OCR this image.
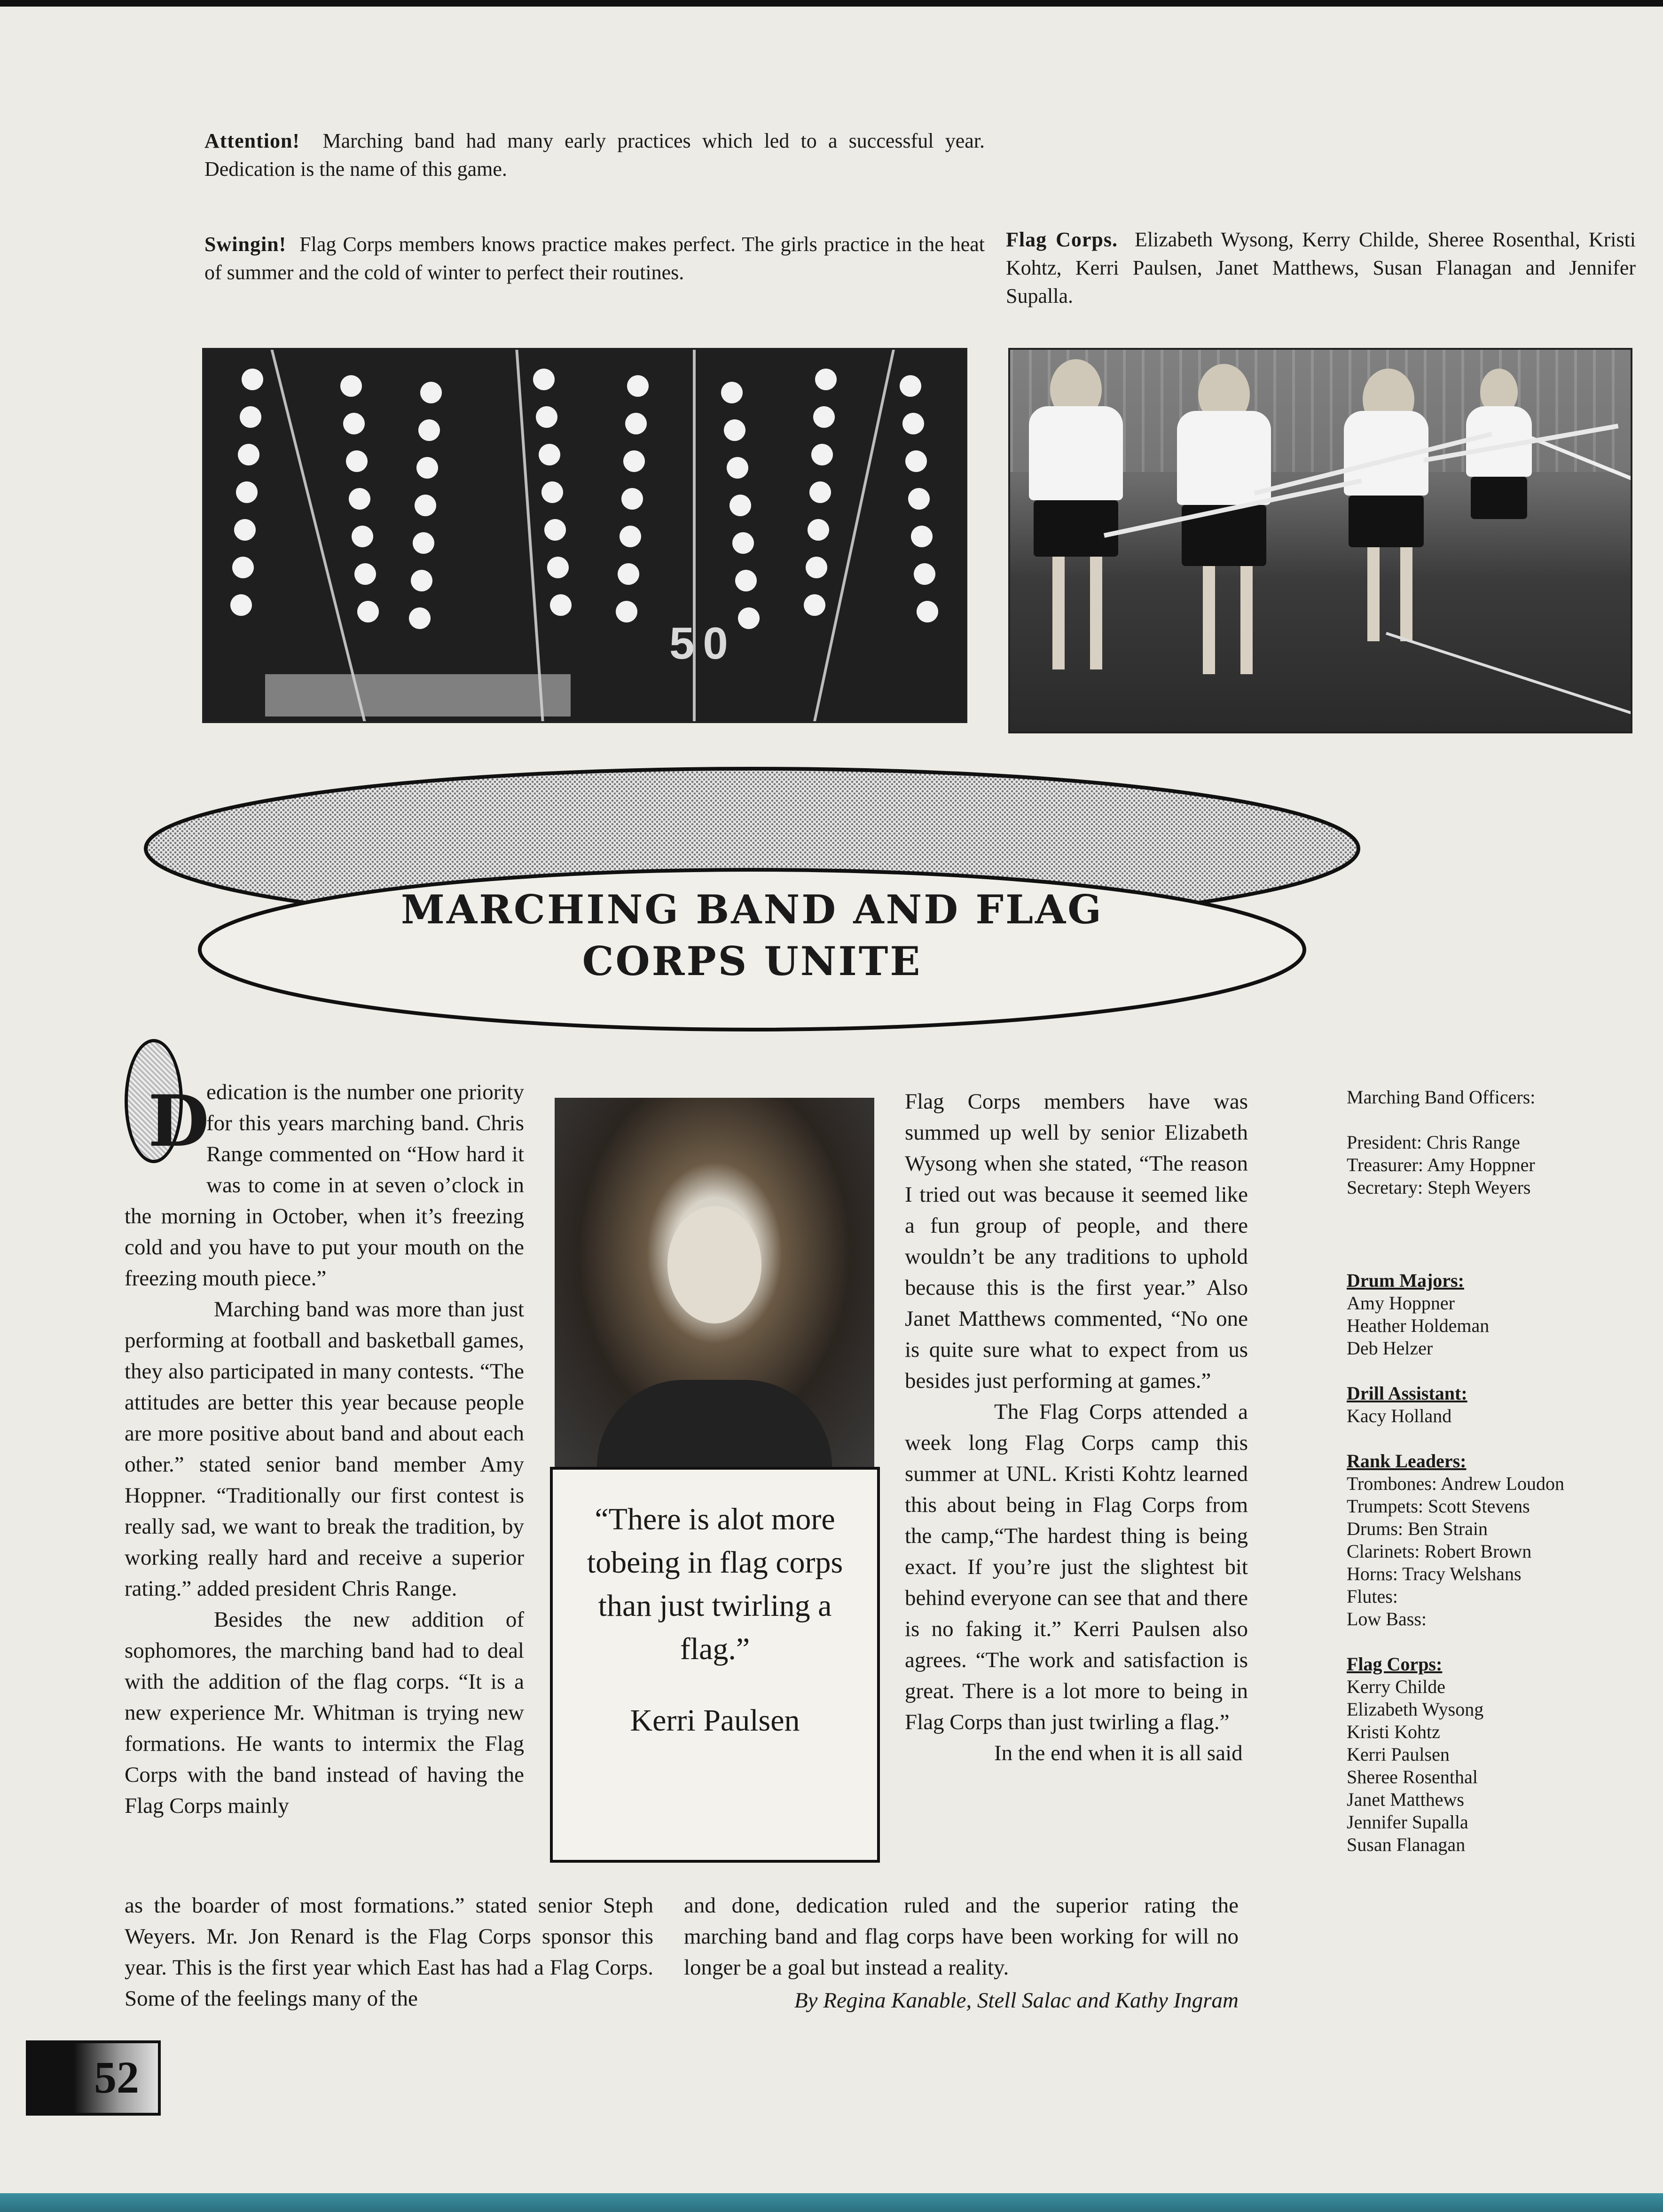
Attention! Marching band had many early practices which led to a successful year. Dedication is the name of this game.
Swingin! Flag Corps members knows practice makes perfect. The girls practice in the heat of summer and the cold of winter to perfect their routines.
Flag Corps. Elizabeth Wysong, Kerry Childe, Sheree Rosenthal, Kristi Kohtz, Kerri Paulsen, Janet Matthews, Susan Flanagan and Jennifer Supalla.
50
MARCHING BAND AND FLAG
CORPS UNITE
D

edication is the number one priority for this years marching band. Chris Range commented on “How hard it was to come in at seven o’clock in the morning in October, when it’s freezing cold and you have to put your mouth on the freezing mouth piece.”

Marching band was more than just performing at football and basketball games, they also participated in many contests. “The attitudes are better this year because people are more positive about band and about each other.” stated senior band member Amy Hoppner. “Traditionally our first contest is really sad, we want to break the tradition, by working really hard and receive a superior rating.” added president Chris Range.

Besides the new addition of sophomores, the marching band had to deal with the addition of the flag corps. “It is a new experience Mr. Whitman is trying new formations. He wants to intermix the Flag Corps with the band instead of having the Flag Corps mainly

as the boarder of most formations.” stated senior Steph Weyers. Mr. Jon Renard is the Flag Corps sponsor this year. This is the first year which East has had a Flag Corps. Some of the feelings many of the

“There is alot more tobeing in flag corps than just twirling a flag.”
Kerri Paulsen

Flag Corps members have was summed up well by senior Elizabeth Wysong when she stated, “The reason I tried out was because it seemed like a fun group of people, and there wouldn’t be any traditions to uphold because this is the first year.” Also Janet Matthews commented, “No one is quite sure what to expect from us besides just performing at games.”

The Flag Corps attended a week long Flag Corps camp this summer at UNL. Kristi Kohtz learned this about being in Flag Corps from the camp,“The hardest thing is being exact. If you’re just the slightest bit behind everyone can see that and there is no faking it.” Kerri Paulsen also agrees. “The work and satisfaction is great. There is a lot more to being in Flag Corps than just twirling a flag.”

In the end when it is all said

and done, dedication ruled and the superior rating the marching band and flag corps have been working for will no longer be a goal but instead a reality.

By Regina Kanable, Stell Salac and Kathy Ingram

Marching Band Officers:
President: Chris Range
Treasurer: Amy Hoppner
Secretary: Steph Weyers
Drum Majors:
Amy Hoppner
Heather Holdeman
Deb Helzer
Drill Assistant:
Kacy Holland
Rank Leaders:
Trombones: Andrew Loudon
Trumpets: Scott Stevens
Drums: Ben Strain
Clarinets: Robert Brown
Horns: Tracy Welshans
Flutes:
Low Bass:
Flag Corps:
Kerry Childe
Elizabeth Wysong
Kristi Kohtz
Kerri Paulsen
Sheree Rosenthal
Janet Matthews
Jennifer Supalla
Susan Flanagan
52
